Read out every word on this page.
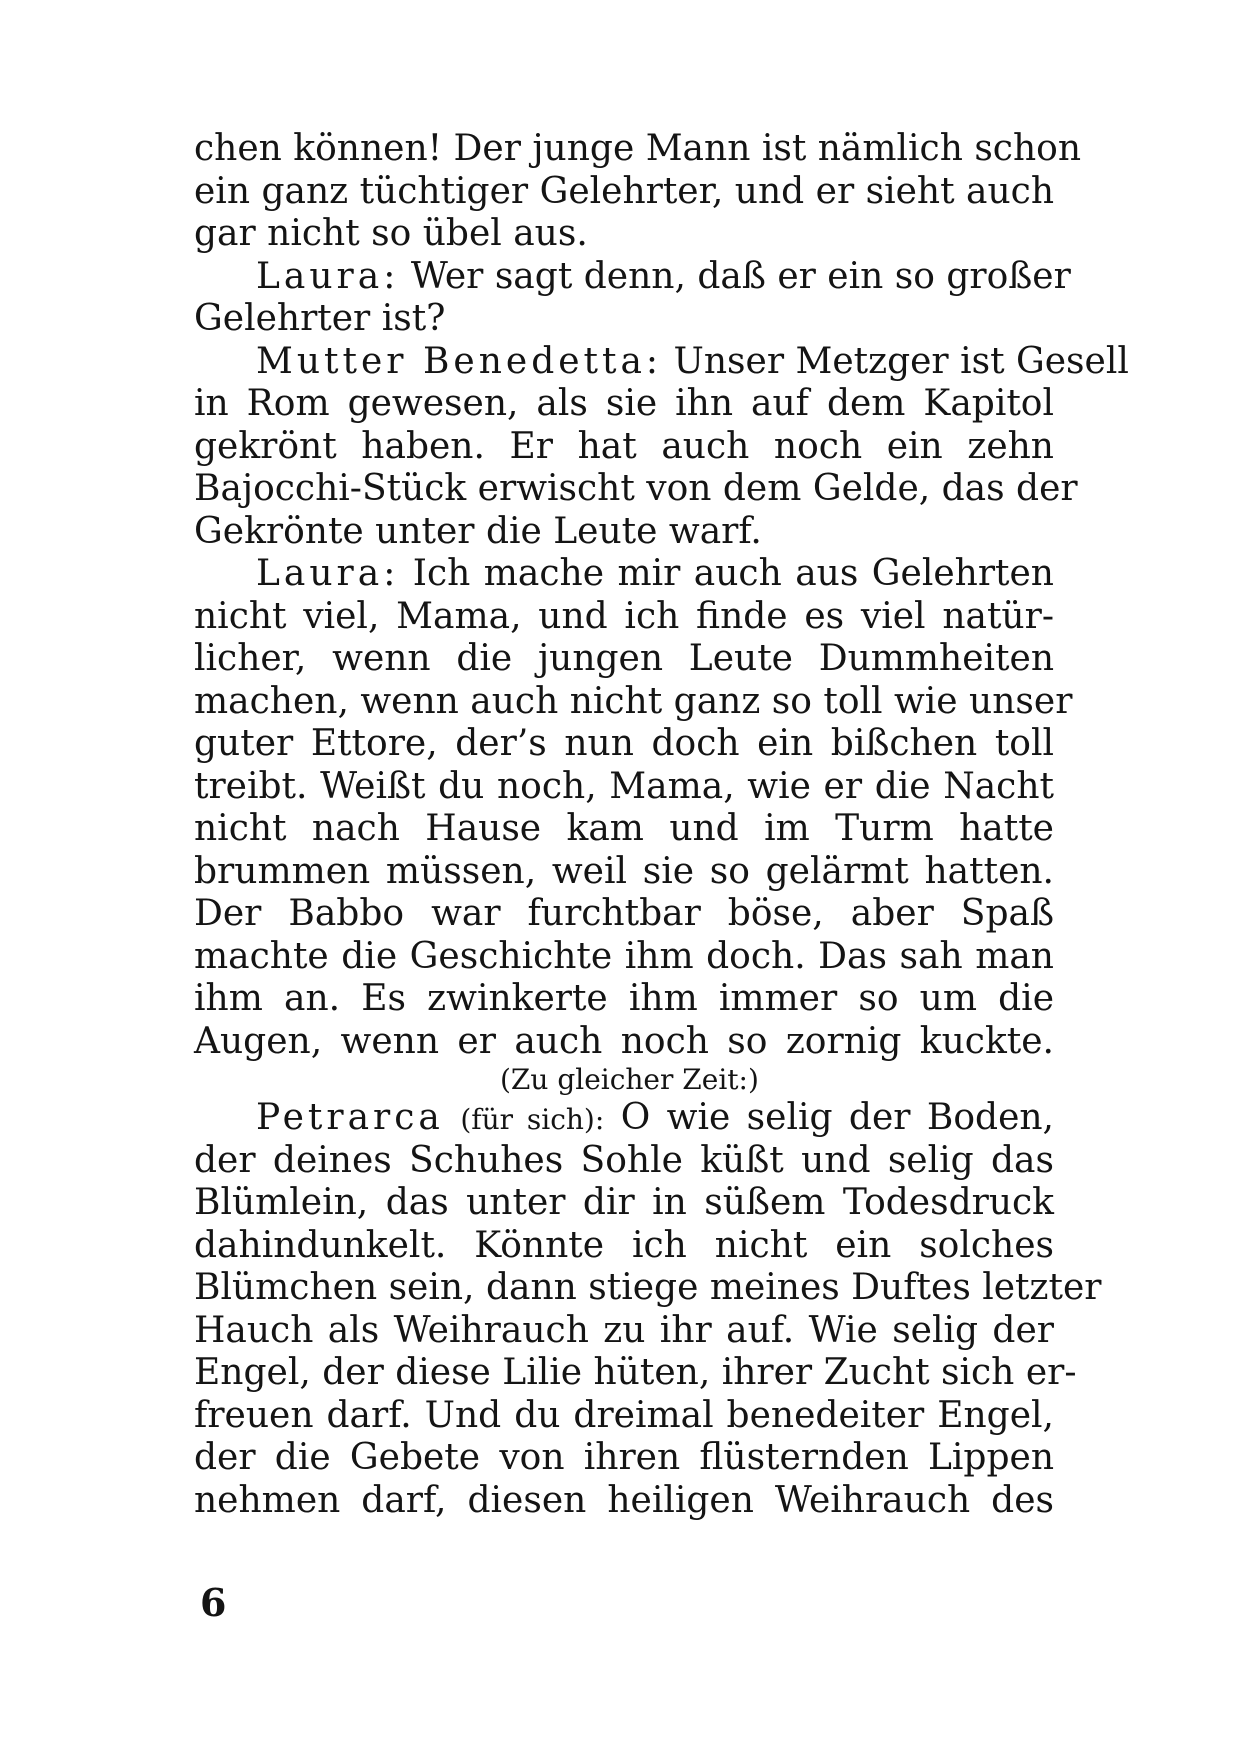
chen können! Der junge Mann ist nämlich schon
ein ganz tüchtiger Gelehrter, und er sieht auch
gar nicht so übel aus.
Laura: Wer sagt denn, daß er ein so großer
Gelehrter ist?
Mutter Benedetta: Unser Metzger ist Gesell
in Rom gewesen, als sie ihn auf dem Kapitol
gekrönt haben. Er hat auch noch ein zehn
Bajocchi-Stück erwischt von dem Gelde, das der
Gekrönte unter die Leute warf.
Laura: Ich mache mir auch aus Gelehrten
nicht viel, Mama, und ich finde es viel natür-
licher, wenn die jungen Leute Dummheiten
machen, wenn auch nicht ganz so toll wie unser
guter Ettore, der’s nun doch ein bißchen toll
treibt. Weißt du noch, Mama, wie er die Nacht
nicht nach Hause kam und im Turm hatte
brummen müssen, weil sie so gelärmt hatten.
Der Babbo war furchtbar böse, aber Spaß
machte die Geschichte ihm doch. Das sah man
ihm an. Es zwinkerte ihm immer so um die
Augen, wenn er auch noch so zornig kuckte.
(Zu gleicher Zeit:)
Petrarca (für sich): O wie selig der Boden,
der deines Schuhes Sohle küßt und selig das
Blümlein, das unter dir in süßem Todesdruck
dahindunkelt. Könnte ich nicht ein solches
Blümchen sein, dann stiege meines Duftes letzter
Hauch als Weihrauch zu ihr auf. Wie selig der
Engel, der diese Lilie hüten, ihrer Zucht sich er-
freuen darf. Und du dreimal benedeiter Engel,
der die Gebete von ihren flüsternden Lippen
nehmen darf, diesen heiligen Weihrauch des
6
